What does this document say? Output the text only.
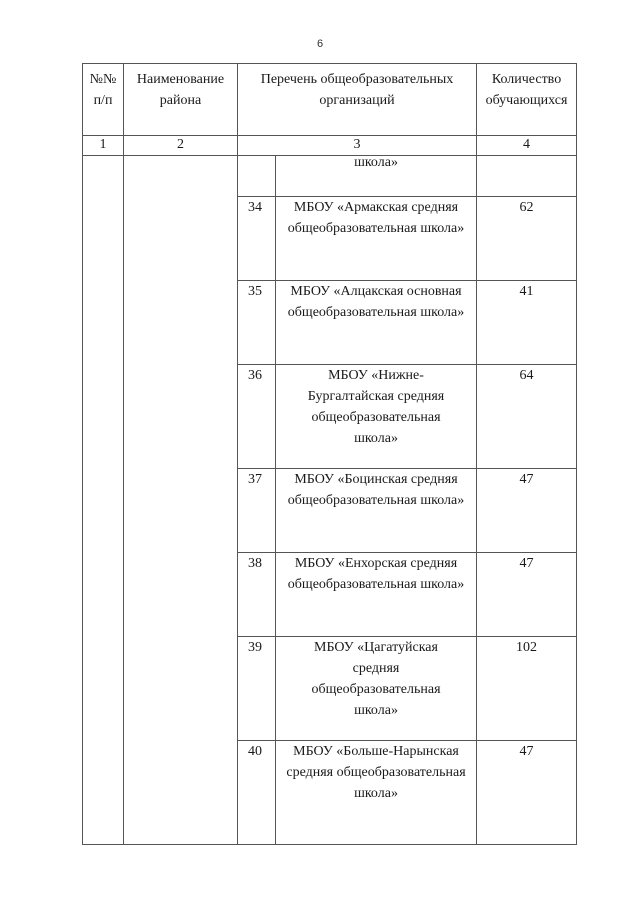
6
№№ п/п	Наименование района	Перечень общеобразовательных организаций		Количество обучающихся
1	2	3		4
			школа»	
		34	МБОУ «Армакская средняя общеобразовательная школа»	62
		35	МБОУ «Алцакская основная общеобразовательная школа»	41
		36	МБОУ «Нижне-Бургалтайская средняя общеобразовательная школа»	64
		37	МБОУ «Боцинская средняя общеобразовательная школа»	47
		38	МБОУ «Енхорская средняя общеобразовательная школа»	47
		39	МБОУ «Цагатуйская средняя общеобразовательная школа»	102
		40	МБОУ «Больше-Нарынская средняя общеобразовательная школа»	47
